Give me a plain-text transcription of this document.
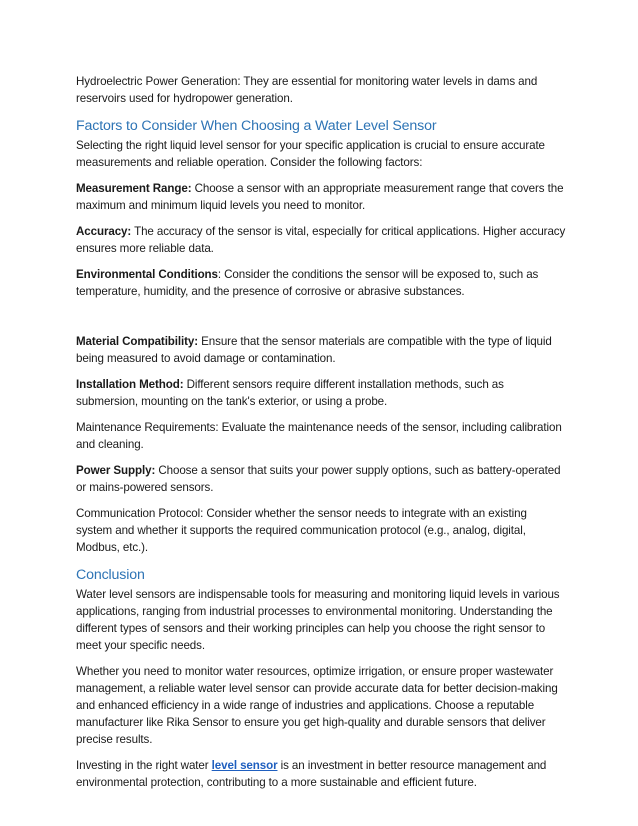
Hydroelectric Power Generation: They are essential for monitoring water levels in dams and reservoirs used for hydropower generation.

Factors to Consider When Choosing a Water Level Sensor

Selecting the right liquid level sensor for your specific application is crucial to ensure accurate measurements and reliable operation. Consider the following factors:

Measurement Range: Choose a sensor with an appropriate measurement range that covers the maximum and minimum liquid levels you need to monitor.

Accuracy: The accuracy of the sensor is vital, especially for critical applications. Higher accuracy ensures more reliable data.

Environmental Conditions: Consider the conditions the sensor will be exposed to, such as temperature, humidity, and the presence of corrosive or abrasive substances.

Material Compatibility: Ensure that the sensor materials are compatible with the type of liquid being measured to avoid damage or contamination.

Installation Method: Different sensors require different installation methods, such as submersion, mounting on the tank's exterior, or using a probe.

Maintenance Requirements: Evaluate the maintenance needs of the sensor, including calibration and cleaning.

Power Supply: Choose a sensor that suits your power supply options, such as battery-operated or mains-powered sensors.

Communication Protocol: Consider whether the sensor needs to integrate with an existing system and whether it supports the required communication protocol (e.g., analog, digital, Modbus, etc.).

Conclusion

Water level sensors are indispensable tools for measuring and monitoring liquid levels in various applications, ranging from industrial processes to environmental monitoring. Understanding the different types of sensors and their working principles can help you choose the right sensor to meet your specific needs.

Whether you need to monitor water resources, optimize irrigation, or ensure proper wastewater management, a reliable water level sensor can provide accurate data for better decision-making and enhanced efficiency in a wide range of industries and applications. Choose a reputable manufacturer like Rika Sensor to ensure you get high-quality and durable sensors that deliver precise results.

Investing in the right water level sensor is an investment in better resource management and environmental protection, contributing to a more sustainable and efficient future.
